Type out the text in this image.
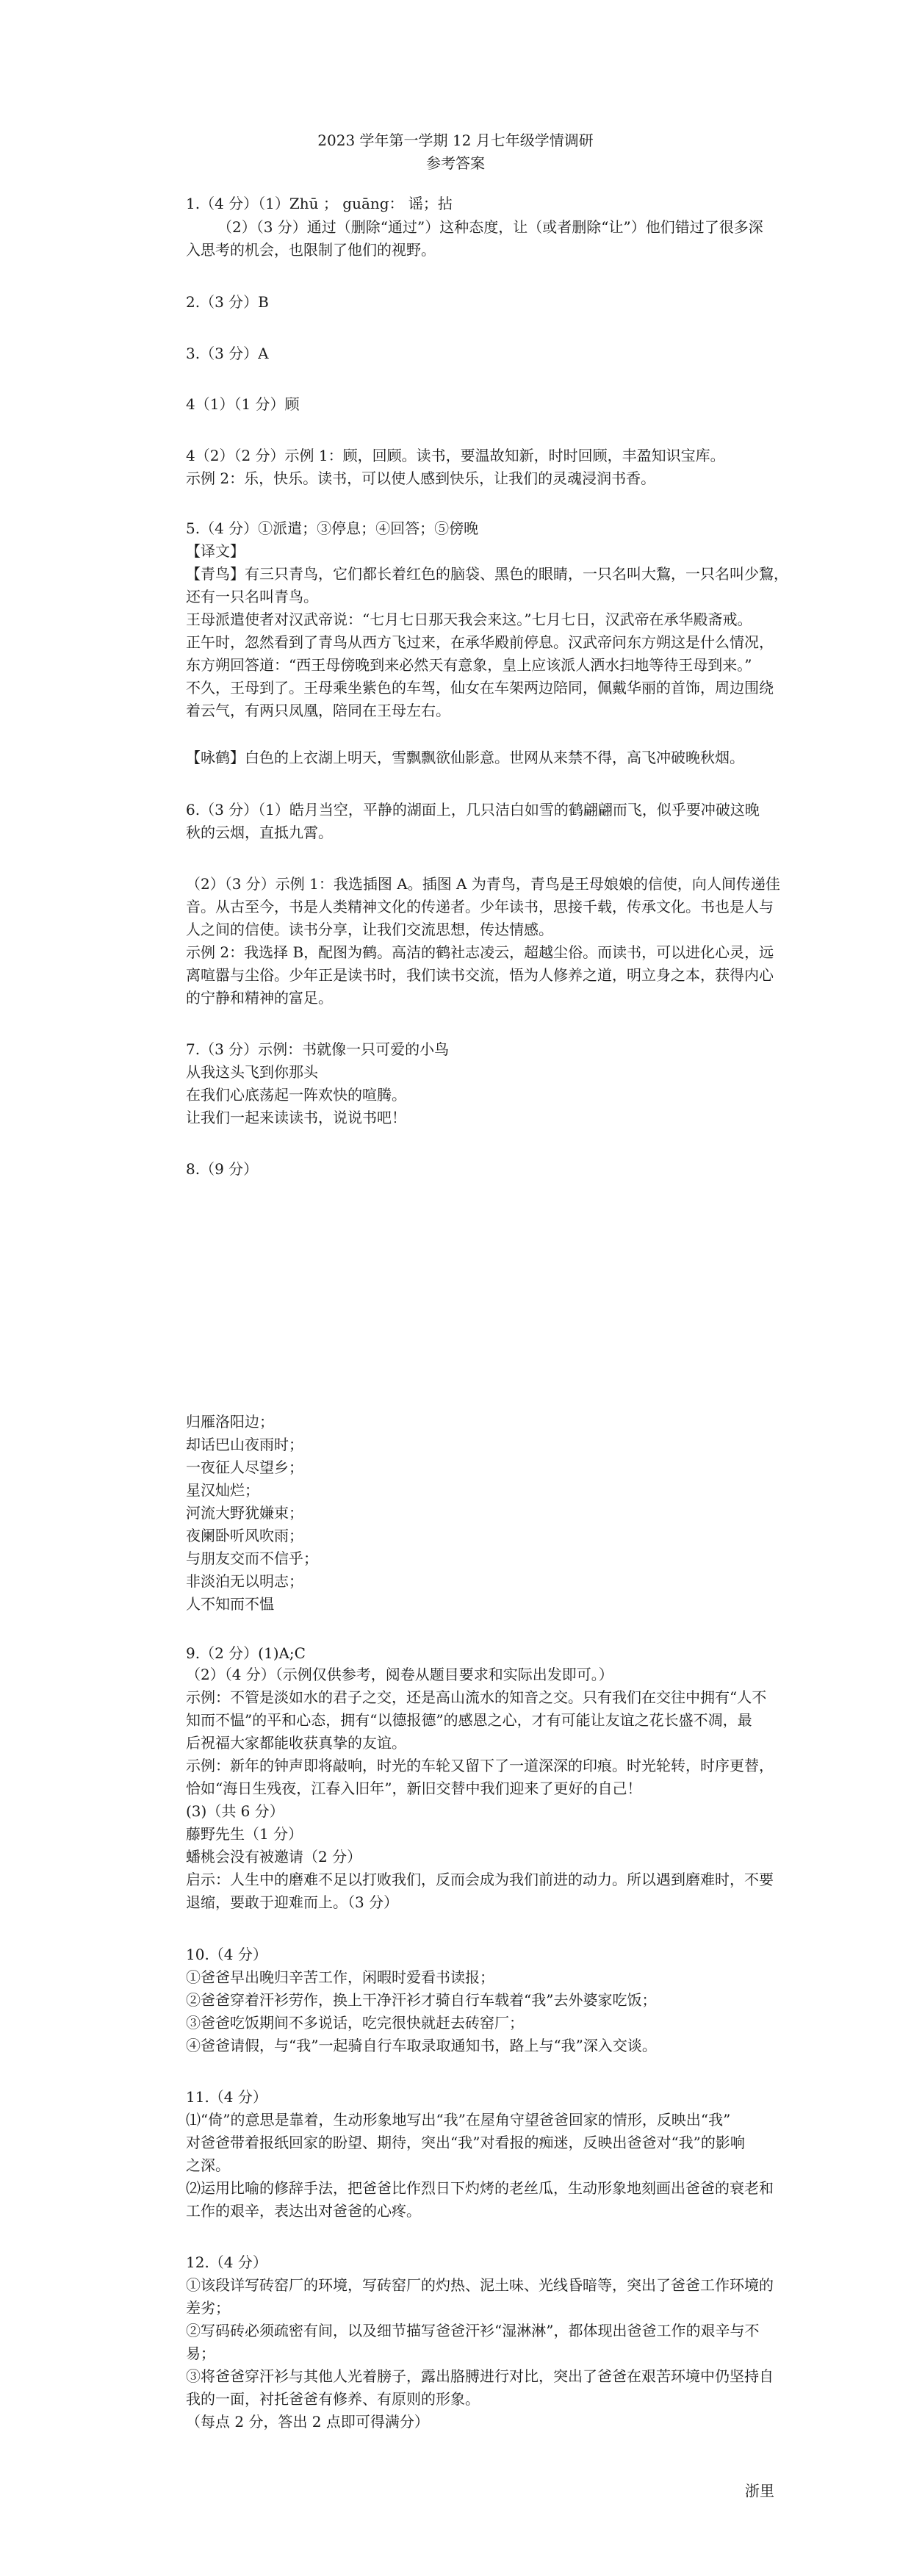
2023 学年第一学期 12 月七年级学情调研
参考答案
1.（4 分）（1）Zhū ； guāng： 谣；拈
（2）（3 分）通过（删除“通过”）这种态度，让（或者删除“让”）他们错过了很多深
入思考的机会，也限制了他们的视野。
2.（3 分）B
3.（3 分）A
4（1）（1 分）顾
4（2）（2 分）示例 1：顾，回顾。读书，要温故知新，时时回顾，丰盈知识宝库。
示例 2：乐，快乐。读书，可以使人感到快乐，让我们的灵魂浸润书香。
5.（4 分）①派遣；③停息；④回答；⑤傍晚
【译文】
【青鸟】有三只青鸟，它们都长着红色的脑袋、黑色的眼睛，一只名叫大鵹，一只名叫少鵹，
还有一只名叫青鸟。
王母派遣使者对汉武帝说：“七月七日那天我会来这。”七月七日，汉武帝在承华殿斋戒。
正午时，忽然看到了青鸟从西方飞过来，在承华殿前停息。汉武帝问东方朔这是什么情况，
东方朔回答道：“西王母傍晚到来必然天有意象，皇上应该派人洒水扫地等待王母到来。”
不久，王母到了。王母乘坐紫色的车驾，仙女在车架两边陪同，佩戴华丽的首饰，周边围绕
着云气，有两只凤凰，陪同在王母左右。
【咏鹤】白色的上衣湖上明天，雪飘飘欲仙影意。世网从来禁不得，高飞冲破晚秋烟。
6.（3 分）（1）皓月当空，平静的湖面上，几只洁白如雪的鹤翩翩而飞，似乎要冲破这晚
秋的云烟，直抵九霄。
（2）（3 分）示例 1：我选插图 A。插图 A 为青鸟，青鸟是王母娘娘的信使，向人间传递佳
音。从古至今，书是人类精神文化的传递者。少年读书，思接千载，传承文化。书也是人与
人之间的信使。读书分享，让我们交流思想，传达情感。
示例 2：我选择 B，配图为鹤。高洁的鹤社志凌云，超越尘俗。而读书，可以进化心灵，远
离喧嚣与尘俗。少年正是读书时，我们读书交流，悟为人修养之道，明立身之本，获得内心
的宁静和精神的富足。
7.（3 分）示例：书就像一只可爱的小鸟
从我这头飞到你那头
在我们心底荡起一阵欢快的喧腾。
让我们一起来读读书，说说书吧！
8.（9 分）
归雁洛阳边；
却话巴山夜雨时；
一夜征人尽望乡；
星汉灿烂；
河流大野犹嫌束；
夜阑卧听风吹雨；
与朋友交而不信乎；
非淡泊无以明志；
人不知而不愠
9.（2 分）(1)A;C
（2）（4 分）（示例仅供参考，阅卷从题目要求和实际出发即可。）
示例：不管是淡如水的君子之交，还是高山流水的知音之交。只有我们在交往中拥有“人不
知而不愠”的平和心态，拥有“以德报德”的感恩之心，才有可能让友谊之花长盛不凋，最
后祝福大家都能收获真挚的友谊。
示例：新年的钟声即将敲响，时光的车轮又留下了一道深深的印痕。时光轮转，时序更替，
恰如“海日生残夜，江春入旧年”，新旧交替中我们迎来了更好的自己！
(3)（共 6 分）
藤野先生（1 分）
蟠桃会没有被邀请（2 分）
启示：人生中的磨难不足以打败我们，反而会成为我们前进的动力。所以遇到磨难时，不要
退缩，要敢于迎难而上。（3 分）
10.（4 分）
①爸爸早出晚归辛苦工作，闲暇时爱看书读报；
②爸爸穿着汗衫劳作，换上干净汗衫才骑自行车载着“我”去外婆家吃饭；
③爸爸吃饭期间不多说话，吃完很快就赶去砖窑厂；
④爸爸请假，与“我”一起骑自行车取录取通知书，路上与“我”深入交谈。
11.（4 分）
⑴“倚”的意思是靠着，生动形象地写出“我”在屋角守望爸爸回家的情形，反映出“我”
对爸爸带着报纸回家的盼望、期待，突出“我”对看报的痴迷，反映出爸爸对“我”的影响
之深。
⑵运用比喻的修辞手法，把爸爸比作烈日下灼烤的老丝瓜，生动形象地刻画出爸爸的衰老和
工作的艰辛，表达出对爸爸的心疼。
12.（4 分）
①该段详写砖窑厂的环境，写砖窑厂的灼热、泥土味、光线昏暗等，突出了爸爸工作环境的
差劣；
②写码砖必须疏密有间，以及细节描写爸爸汗衫“湿淋淋”，都体现出爸爸工作的艰辛与不
易；
③将爸爸穿汗衫与其他人光着膀子，露出胳膊进行对比，突出了爸爸在艰苦环境中仍坚持自
我的一面，衬托爸爸有修养、有原则的形象。
（每点 2 分，答出 2 点即可得满分）
浙里
